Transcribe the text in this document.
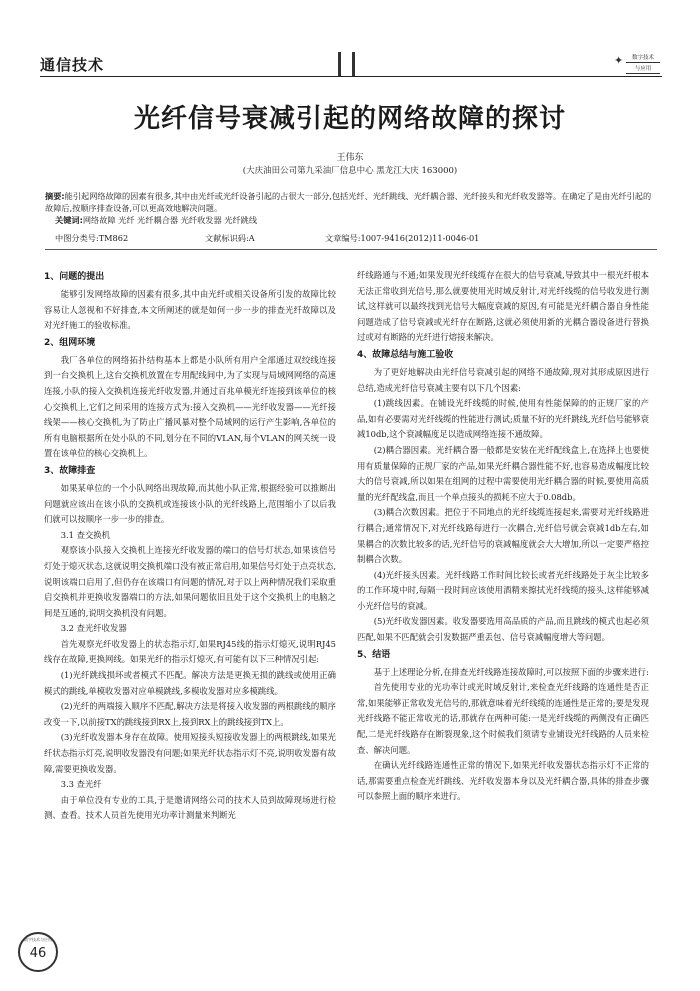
通信技术	✦	数字技术
与应用
光纤信号衰减引起的网络故障的探讨
王伟东
(大庆油田公司第九采油厂信息中心 黑龙江大庆 163000)

摘要:能引起网络故障的因素有很多,其中由光纤或光纤设备引起的占很大一部分,包括光纤、光纤跳线、光纤耦合器、光纤接头和光纤收发器等。在确定了是由光纤引起的故障后,按顺序排查设备,可以更高效地解决问题。

关键词:网络故障 光纤 光纤耦合器 光纤收发器 光纤跳线

中图分类号:TM862	文献标识码:A	文章编号:1007-9416(2012)11-0046-01
1、问题的提出

能够引发网络故障的因素有很多,其中由光纤或相关设备所引发的故障比较容易让人忽视和不好排查,本文所阐述的就是如何一步一步的排查光纤故障以及对光纤施工的验收标准。

2、组网环境

我厂各单位的网络拓扑结构基本上都是小队所有用户全部通过双绞线连接到一台交换机上,这台交换机放置在专用配线间中,为了实现与局域网网络的高速连接,小队的接入交换机连接光纤收发器,并通过百兆单模光纤连接到该单位的核心交换机上,它们之间采用的连接方式为:接入交换机——光纤收发器——光纤接线架——核心交换机,为了防止广播风暴对整个局域网的运行产生影响,各单位的所有电脑根据所在处小队的不同,划分在不同的VLAN,每个VLAN的网关统一设置在该单位的核心交换机上。

3、故障排查

如果某单位的一个小队网络出现故障,而其他小队正常,根据经验可以推断出问题就应该出在该小队的交换机或连接该小队的光纤线路上,范围缩小了以后我们就可以按顺序一步一步的排查。

3.1 查交换机

观察该小队接入交换机上连接光纤收发器的端口的信号灯状态,如果该信号灯处于熄灭状态,这就说明交换机端口没有被正常启用,如果信号灯处于点亮状态,说明该端口启用了,但仍存在该端口有问题的情况,对于以上两种情况我们采取重启交换机并更换收发器端口的方法,如果问题依旧且处于这个交换机上的电脑之间是互通的,说明交换机没有问题。

3.2 查光纤收发器

首先观察光纤收发器上的状态指示灯,如果RJ45线的指示灯熄灭,说明RJ45线存在故障,更换网线。如果光纤的指示灯熄灭,有可能有以下三种情况引起:

(1)光纤跳线损坏或者模式不匹配。解决方法是更换无损的跳线或使用正确模式的跳线,单模收发器对应单模跳线,多模收发器对应多模跳线。

(2)光纤的两端接入顺序不匹配,解决方法是将接入收发器的两根跳线的顺序改变一下,以前接TX的跳线接到RX上,接到RX上的跳线接到TX上。

(3)光纤收发器本身存在故障。使用短接头短接收发器上的两根跳线,如果光纤状态指示灯亮,说明收发器没有问题;如果光纤状态指示灯不亮,说明收发器有故障,需要更换收发器。

3.3 查光纤

由于单位没有专业的工具,于是邀请网络公司的技术人员到故障现场进行检测、查看。技术人员首先使用光功率计测量来判断光

纤线路通与不通;如果发现光纤线缆存在很大的信号衰减,导致其中一根光纤根本无法正常收到光信号,那么就要使用光时域反射计,对光纤线缆的信号收发进行测试,这样就可以最终找到光信号大幅度衰减的原因,有可能是光纤耦合器自身性能问题造成了信号衰减或光纤存在断路,这就必须使用新的光耦合器设备进行替换过或对有断路的光纤进行熔接来解决。

4、故障总结与施工验收

为了更好地解决由光纤信号衰减引起的网络不通故障,现对其形成原因进行总结,造成光纤信号衰减主要有以下几个因素:

(1)跳线因素。在铺设光纤线缆的时候,使用有性能保障的的正规厂家的产品,如有必要需对光纤线缆的性能进行测试;质量不好的光纤跳线,光纤信号能够衰减10db,这个衰减幅度足以造成网络连接不通故障。

(2)耦合器因素。光纤耦合器一般都是安装在光纤配线盒上,在选择上也要使用有质量保障的正规厂家的产品,如果光纤耦合器性能不好,也容易造成幅度比较大的信号衰减,所以如果在组网的过程中需要使用光纤耦合器的时候,要使用高质量的光纤配线盒,而且一个单点接头的损耗不应大于0.08db。

(3)耦合次数因素。把位于不同地点的光纤线缆连接起来,需要对光纤线路进行耦合;通常情况下,对光纤线路每进行一次耦合,光纤信号就会衰减1db左右,如果耦合的次数比较多的话,光纤信号的衰减幅度就会大大增加,所以一定要严格控制耦合次数。

(4)光纤接头因素。光纤线路工作时间比较长或者光纤线路处于灰尘比较多的工作环境中时,每隔一段时间应该使用酒精来擦拭光纤线缆的接头,这样能够减小光纤信号的衰减。

(5)光纤收发器因素。收发器要选用高品质的产品,而且跳线的模式也起必须匹配,如果不匹配就会引发数据严重丢包、信号衰减幅度增大等问题。

5、结语

基于上述理论分析,在排查光纤线路连接故障时,可以按照下面的步骤来进行:

首先使用专业的光功率计或光时域反射计,来检查光纤线路的连通性是否正常,如果能够正常收发光信号的,那就意味着光纤线缆的连通性是正常的;要是发现光纤线路不能正常收光的话,那就存在两种可能:一是光纤线缆的两侧没有正确匹配,二是光纤线路存在断裂现象,这个时候我们须请专业铺设光纤线路的人员来检查、解决问题。

在确认光纤线路连通性正常的情况下,如果光纤收发器状态指示灯不正常的话,那需要重点检查光纤跳线、光纤收发器本身以及光纤耦合器,具体的排查步骤可以参照上面的顺序来进行。

数字技术与应用
46
